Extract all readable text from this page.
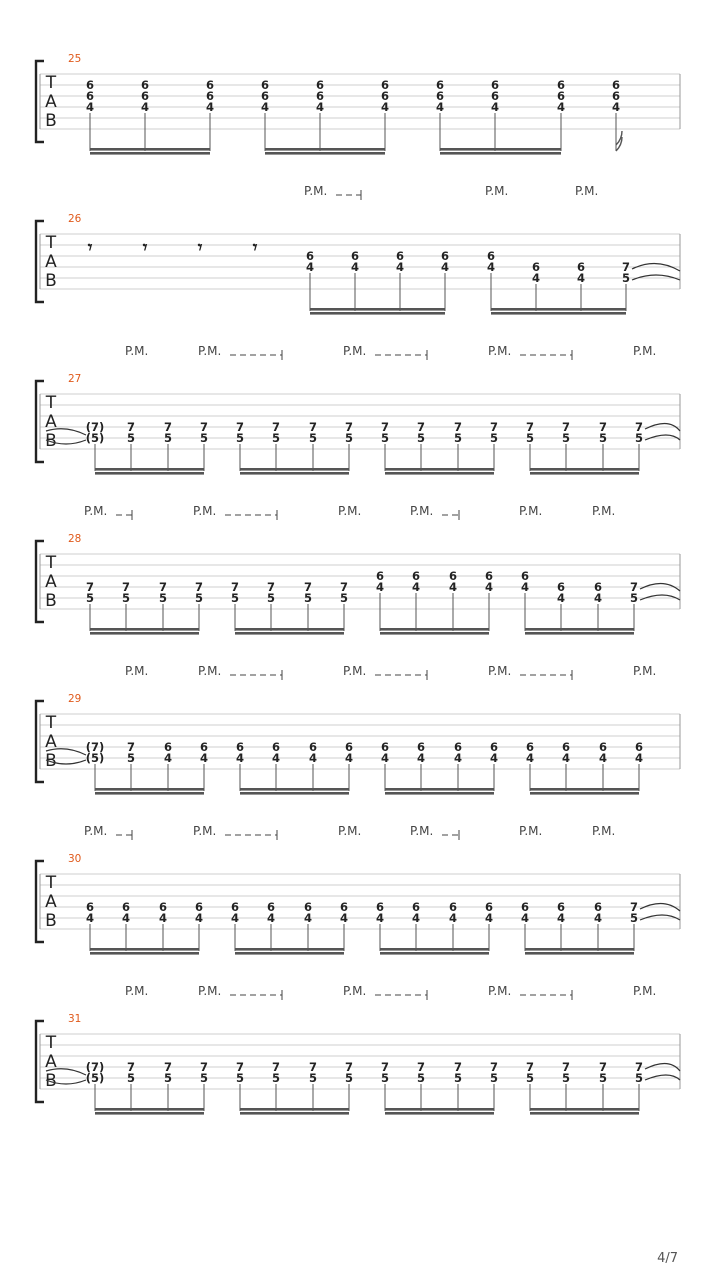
T
A
B
25
6
6
4
6
6
4
6
6
4
6
6
4
6
6
4
6
6
4
6
6
4
6
6
4
6
6
4
6
6
4
T
A
B
26
𝄾	𝄾	𝄾	𝄾	6
4
6
4
6
4
6
4
6
4	6
4
6
4
7
5
P.M.	P.M.	P.M.
T
A
B
27
(7)
(5)
7
5
7
5
7
5
7
5
7
5
7
5
7
5
7
5
7
5
7
5
7
5
7
5
7
5
7
5
7
5
P.M.	P.M.	P.M.	P.M.	P.M.
T
A
B
28
7
5
7
5
7
5
7
5
7
5
7
5
7
5
7
5
6
4
6
4
6
4
6
4
6
4 6
4
6
4
7
5
P.M.	P.M.	P.M.	P.M.	P.M.	P.M.
T
A
B
29
(7)
(5)
7
5
6
4
6
4
6
4
6
4
6
4
6
4
6
4
6
4
6
4
6
4
6
4
6
4
6
4
6
4
P.M.	P.M.	P.M.	P.M.	P.M.
T
A
B
30
6
4
6
4
6
4
6
4
6
4
6
4
6
4
6
4
6
4
6
4
6
4
6
4
6
4
6
4
6
4
7
5
P.M.	P.M.	P.M.	P.M.	P.M.	P.M.
T
A
B
31
(7)
(5)
7
5
7
5
7
5
7
5
7
5
7
5
7
5
7
5
7
5
7
5
7
5
7
5
7
5
7
5
7
5
P.M.	P.M.	P.M.	P.M.	P.M.
4/7
